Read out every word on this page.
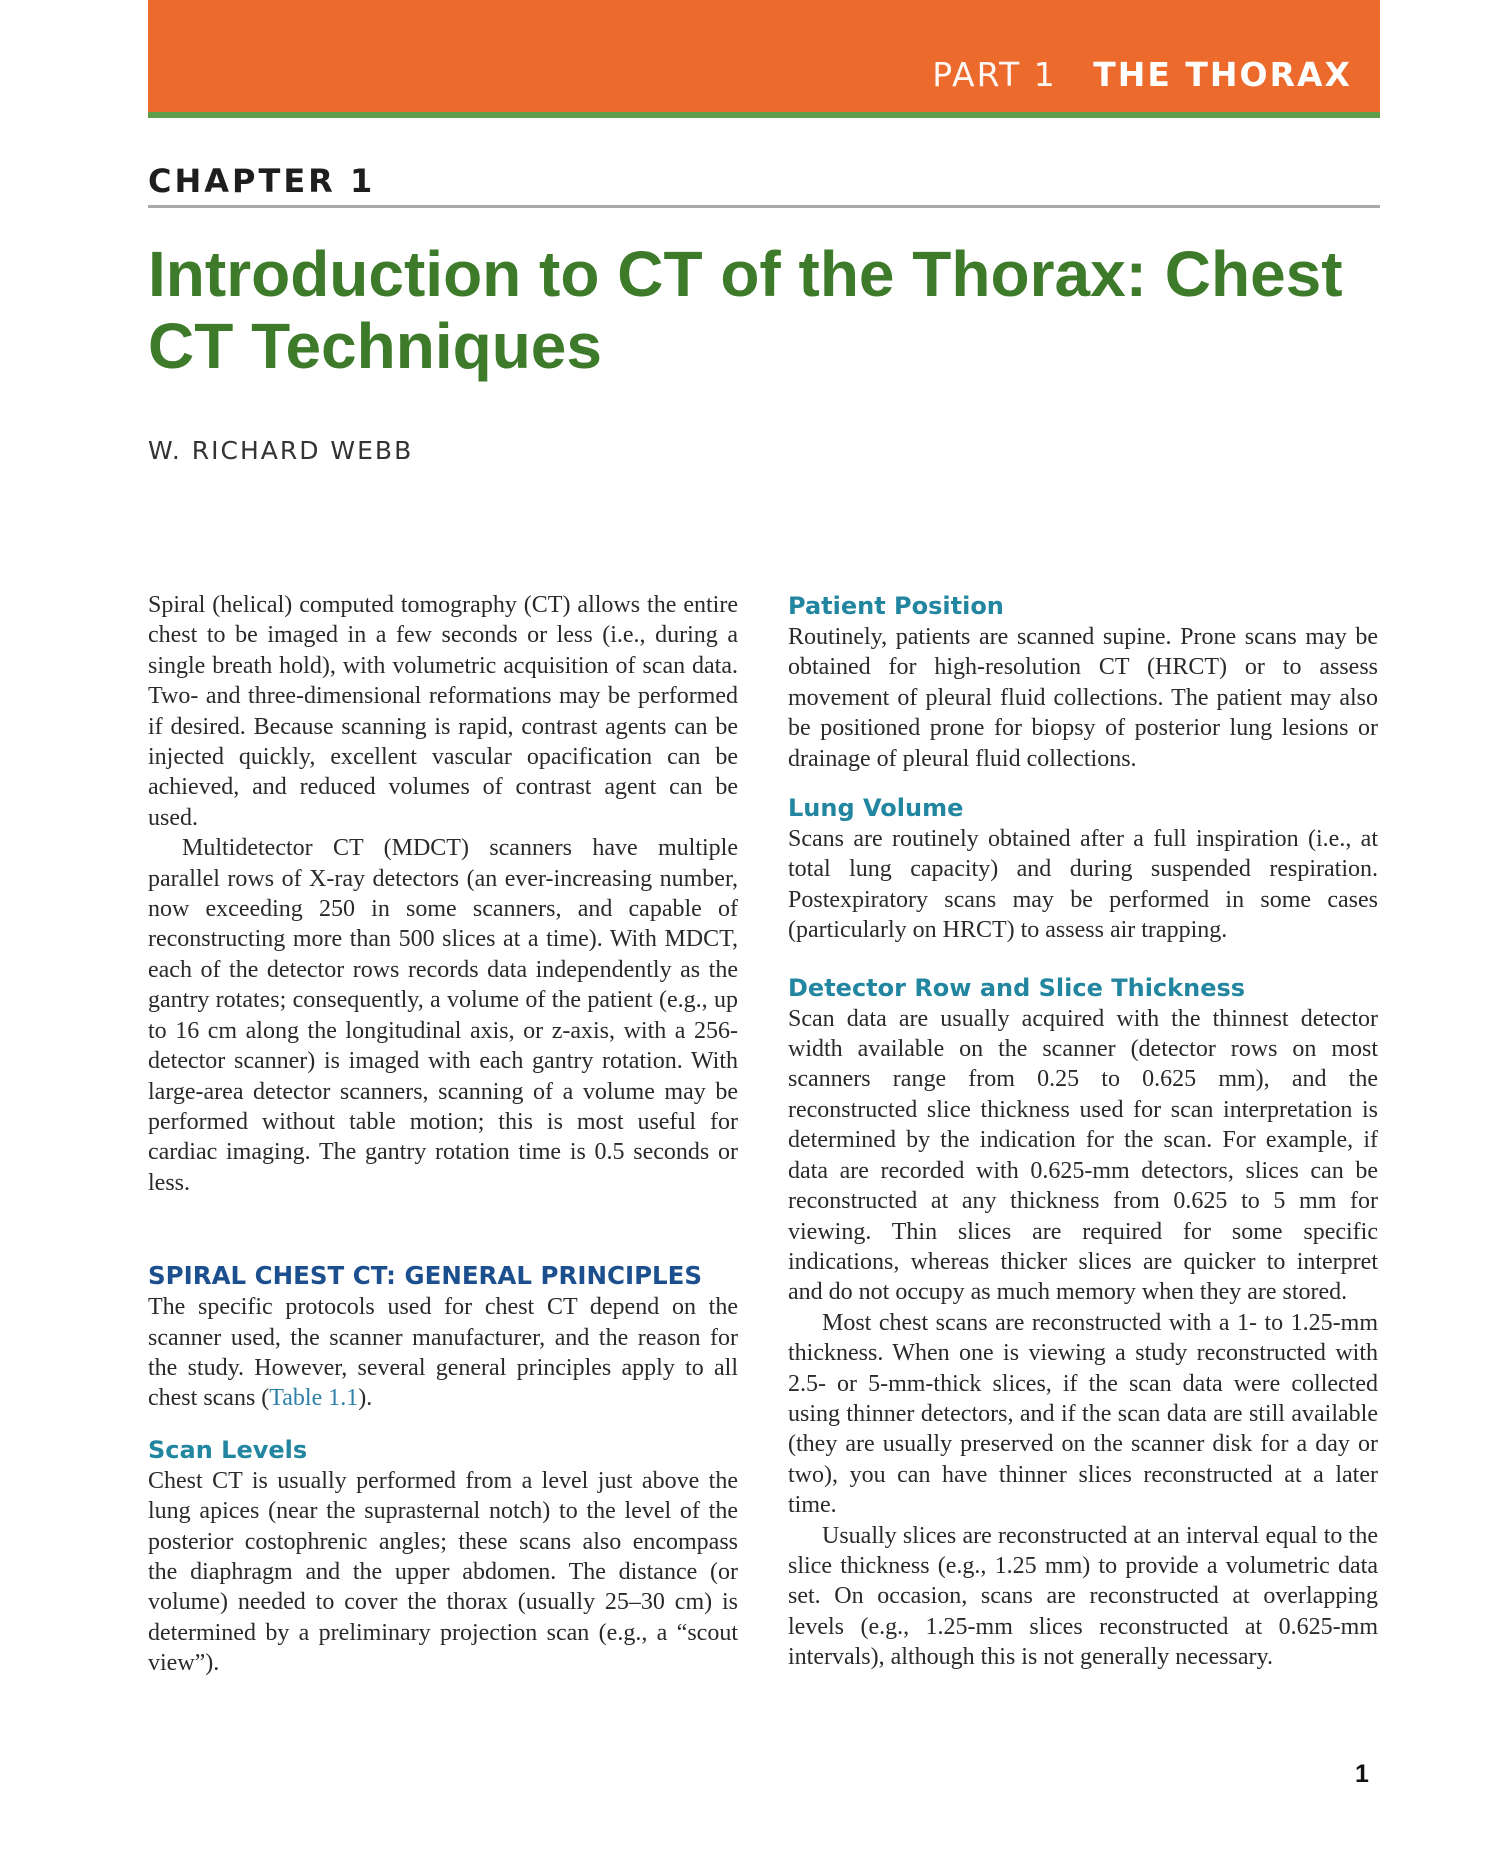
PART 1 THE THORAX
CHAPTER 1
Introduction to CT of the Thorax: Chest CT Techniques
W. RICHARD WEBB

Spiral (helical) computed tomography (CT) allows the entire chest to be imaged in a few seconds or less (i.e., during a single breath hold), with volumetric acquisition of scan data. Two- and three-dimensional reformations may be performed if desired. Because scanning is rapid, contrast agents can be injected quickly, excellent vascular opacification can be achieved, and reduced volumes of contrast agent can be used.

Multidetector CT (MDCT) scanners have multiple parallel rows of X-ray detectors (an ever-increasing number, now exceeding 250 in some scanners, and capable of reconstructing more than 500 slices at a time). With MDCT, each of the detector rows records data independently as the gantry rotates; consequently, a volume of the patient (e.g., up to 16 cm along the longitudinal axis, or z-axis, with a 256-detector scanner) is imaged with each gantry rotation. With large-area detector scanners, scanning of a volume may be performed without table motion; this is most useful for cardiac imaging. The gantry rotation time is 0.5 seconds or less.

SPIRAL CHEST CT: GENERAL PRINCIPLES

The specific protocols used for chest CT depend on the scanner used, the scanner manufacturer, and the reason for the study. However, several general principles apply to all chest scans (Table 1.1).

Scan Levels

Chest CT is usually performed from a level just above the lung apices (near the suprasternal notch) to the level of the posterior costophrenic angles; these scans also encompass the diaphragm and the upper abdomen. The distance (or volume) needed to cover the thorax (usually 25–30 cm) is determined by a preliminary projection scan (e.g., a “scout view”).

Patient Position

Routinely, patients are scanned supine. Prone scans may be obtained for high-resolution CT (HRCT) or to assess movement of pleural fluid collections. The patient may also be positioned prone for biopsy of posterior lung lesions or drainage of pleural fluid collections.

Lung Volume

Scans are routinely obtained after a full inspiration (i.e., at total lung capacity) and during suspended respiration. Postexpiratory scans may be performed in some cases (particularly on HRCT) to assess air trapping.

Detector Row and Slice Thickness

Scan data are usually acquired with the thinnest detector width available on the scanner (detector rows on most scanners range from 0.25 to 0.625 mm), and the reconstructed slice thickness used for scan interpretation is determined by the indication for the scan. For example, if data are recorded with 0.625-mm detectors, slices can be reconstructed at any thickness from 0.625 to 5 mm for viewing. Thin slices are required for some specific indications, whereas thicker slices are quicker to interpret and do not occupy as much memory when they are stored.

Most chest scans are reconstructed with a 1- to 1.25-mm thickness. When one is viewing a study reconstructed with 2.5- or 5-mm-thick slices, if the scan data were collected using thinner detectors, and if the scan data are still available (they are usually preserved on the scanner disk for a day or two), you can have thinner slices reconstructed at a later time.

Usually slices are reconstructed at an interval equal to the slice thickness (e.g., 1.25 mm) to provide a volumetric data set. On occasion, scans are reconstructed at overlapping levels (e.g., 1.25-mm slices reconstructed at 0.625-mm intervals), although this is not generally necessary.

1
